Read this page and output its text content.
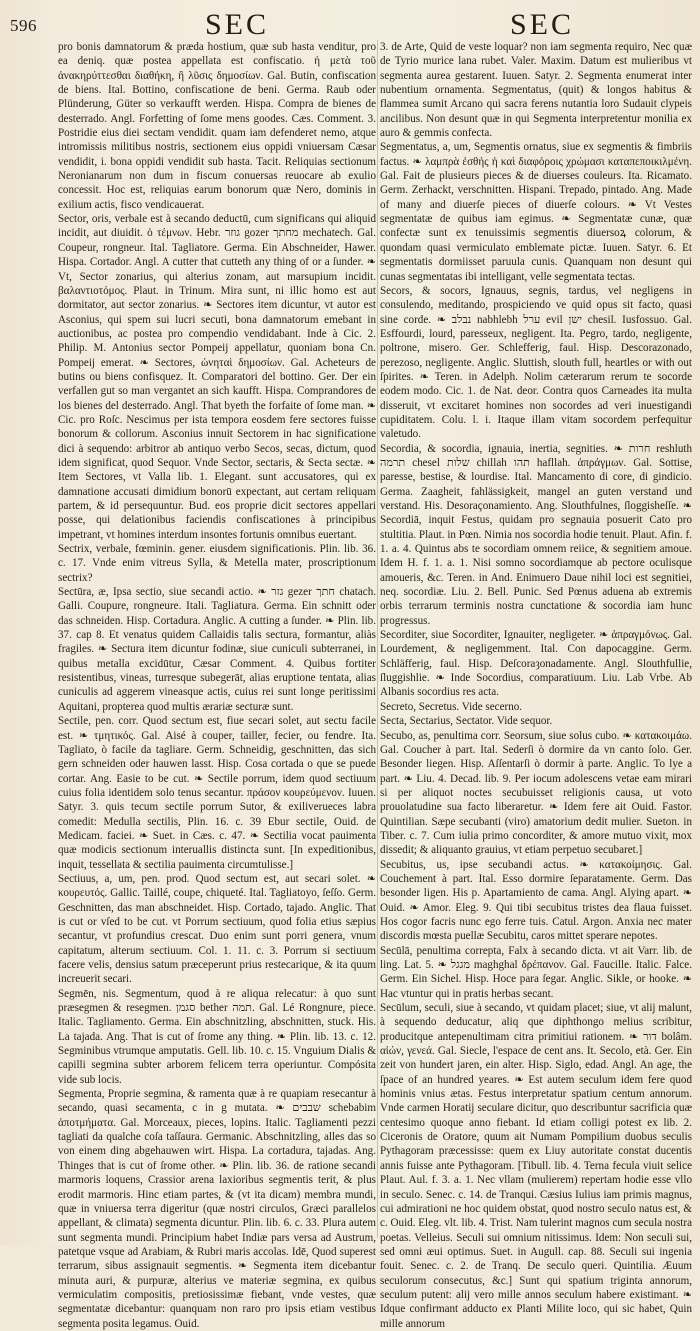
596	SEC	SEC

pro bonis damnatorum & præda hostium, quæ sub hasta venditur, pro ea deniq. quæ postea appellata est confiscatio. ἡ μετὰ τοῦ ἀνακηρύττεσθαι διαθήκη, ἢ λῦσις δημοσίων. Gal. Butin, confiscation de biens. Ital. Bottino, confiscatione de beni. Germa. Raub oder Plünderung, Güter so verkaufft werden. Hispa. Compra de bienes de desterrado. Angl. Forfetting of ſome mens goodes. Cæs. Comment. 3. Postridie eius diei sectam vendidit. quam iam defenderet nemo, atque intromissis militibus nostris, sectionem eius oppidi vniuersam Cæsar vendidit, i. bona oppidi vendidit sub hasta. Tacit. Reliquias sectionum Neronianarum non dum in fiscum conuersas reuocare ab exulio concessit. Hoc est, reliquias earum bonorum quæ Nero, dominis in exilium actis, fisco vendicauerat.

Sector, oris, verbale est à secando deductū, cum significans qui aliquid incidit, aut diuidit. ὁ τέμνων. Hebr. גוזר gozer מחתך mechatech. Gal. Coupeur, rongneur. Ital. Tagliatore. Germa. Ein Abschneider, Hawer. Hispa. Cortador. Angl. A cutter that cutteth any thing of or a ſunder. ❧ Vt, Sector zonarius, qui alterius zonam, aut marsupium incidit. βαλαντιοτόμος. Plaut. in Trinum. Mira sunt, ni illic homo est aut dormitator, aut sector zonarius. ❧ Sectores item dicuntur, vt autor est Asconius, qui spem sui lucri secuti, bona damnatorum emebant in auctionibus, ac postea pro compendio vendidabant. Inde à Cic. 2. Philip. M. Antonius sector Pompeij appellatur, quoniam bona Cn. Pompeij emerat. ❧ Sectores, ὠνηταὶ δημοσίων. Gal. Acheteurs de butins ou biens confisquez. It. Comparatori del bottino. Ger. Der ein verfallen gut so man vergantet an sich kaufft. Hispa. Comprandores de los bienes del desterrado. Angl. That byeth the forfaite of ſome man. ❧ Cic. pro Roſc. Nescimus per ista tempora eosdem fere sectores fuisse bonorum & collorum. Asconius innuit Sectorem in hac significatione dici à sequendo: arbitror ab antiquo verbo Secos, secas, dictum, quod idem significat, quod Sequor. Vnde Sector, sectaris, & Secta sectæ. ❧ Item Sectores, vt Valla lib. 1. Elegant. sunt accusatores, qui ex damnatione accusati dimidium bonorū expectant, aut certam reliquam partem, & id persequuntur. Bud. eos proprie dicit sectores appellari posse, qui delationibus faciendis confiscationes à principibus impetrant, vt homines interdum insontes fortunis omnibus euertant.

Sectrix, verbale, fœminin. gener. eiusdem significationis. Plin. lib. 36. c. 17. Vnde enim vitreus Sylla, & Metella mater, proscriptionum sectrix?

Sectūra, æ, Ipsa sectio, siue secandi actio. ❧ גזר gezer חתך chatach. Galli. Coupure, rongneure. Itali. Tagliatura. Germa. Ein schnitt oder das schneiden. Hisp. Cortadura. Anglic. A cutting a ſunder. ❧ Plin. lib. 37. cap 8. Et venatus quidem Callaidis talis sectura, formantur, aliàs fragiles. ❧ Sectura item dicuntur fodinæ, siue cuniculi subterranei, in quibus metalla excidūtur, Cæsar Comment. 4. Quibus fortiter resistentibus, vineas, turresque subegerāt, alias eruptione tentata, alias cuniculis ad aggerem vineasque actis, cuius rei sunt longe peritissimi Aquitani, propterea quod multis ærariæ secturæ sunt.

Sectile, pen. corr. Quod sectum est, fiue secari solet, aut sectu facile est. ❧ τμητικός. Gal. Aisé à couper, tailler, fecier, ou fendre. Ita. Tagliato, ò facile da tagliare. Germ. Schneidig, geschnitten, das sich gern schneiden oder hauwen lasst. Hisp. Cosa cortada o que se puede cortar. Ang. Easie to be cut. ❧ Sectile porrum, idem quod sectiuum cuius folia identidem solo tenus secantur. πράσον κουρεύμενον. Iuuen. Satyr. 3. quis tecum sectile porrum Sutor, & exiliverueces labra comedit: Medulla sectilis, Plin. 16. c. 39 Ebur sectile, Ouid. de Medicam. faciei. ❧ Suet. in Cæs. c. 47. ❧ Sectilia vocat pauimenta quæ modicis sectionum interuallis distincta sunt. [In expeditionibus, inquit, tessellata & sectilia pauimenta circumtulisse.]

Sectiuus, a, um, pen. prod. Quod sectum est, aut secari solet. ❧ κουρευτός. Gallic. Taillé, coupe, chiqueté. Ital. Tagliatoyo, ſeſſo. Germ. Geschnitten, das man abschneidet. Hisp. Cortado, tajado. Anglic. That is cut or vſed to be cut. vt Porrum sectiuum, quod folia etius sæpius secantur, vt profundius crescat. Duo enim sunt porri genera, vnum capitatum, alterum sectiuum. Col. 1. 11. c. 3. Porrum si sectiuum facere velis, densius satum præceperunt prius restecarique, & ita quum increuerit secari.

Segmēn, nis. Segmentum, quod à re aliqua relecatur: à quo sunt præsegmen & resegmen. סגמן bether תמה. Gal. Lé Rongnure, piece. Italic. Tagliamento. Germa. Ein abschnitzling, abschnitten, stuck. His. La tajada. Ang. That is cut of ſrome any thing. ❧ Plin. lib. 13. c. 12. Segminibus vtrumque amputatis. Gell. lib. 10. c. 15. Vnguium Dialis & capilli segmina subter arborem felicem terra operiuntur. Compósita vide sub locis.

Segmenta, Proprie segmina, & ramenta quæ à re quapiam resecantur à secando, quasi secamenta, c in g mutata. ❧ שבבים schebabim ἀποτμήματα. Gal. Morceaux, pieces, lopins. Italic. Tagliamenti pezzi tagliati da qualche coſa taſſaura. Germanic. Abschnitzling, alles das so von einem ding abgehauwen wirt. Hispa. La cortadura, tajadas. Ang. Thinges that is cut of ſrome other. ❧ Plin. lib. 36. de ratione secandi marmoris loquens, Crassior arena laxioribus segmentis terit, & plus erodit marmoris. Hinc etiam partes, & (vt ita dicam) membra mundi, quæ in vniuersa terra digeritur (quæ nostri circulos, Græci parallelos appellant, & climata) segmenta dicuntur. Plin. lib. 6. c. 33. Plura autem sunt segmenta mundi. Principium habet Indiæ pars versa ad Austrum, patetque vsque ad Arabiam, & Rubri maris accolas. Idē, Quod superest terrarum, sibus assignauit segmentis. ❧ Segmenta item dicebantur minuta auri, & purpuræ, alterius ve materiæ segmina, ex quibus vermiculatim compositis, pretiosissimæ fiebant, vnde vestes, quæ segmentatæ dicebantur: quanquam non raro pro ipsis etiam vestibus segmenta posita legamus. Ouid.

3. de Arte, Quid de veste loquar? non iam segmenta requiro, Nec quæ de Tyrio murice lana rubet. Valer. Maxim. Datum est mulieribus vt segmenta aurea gestarent. Iuuen. Satyr. 2. Segmenta enumerat inter nubentium ornamenta. Segmentatus, (quit) & longos habitus & flammea sumit Arcano qui sacra ferens nutantia loro Sudauit clypeis ancilibus. Non desunt quæ in qui Segmenta interpretentur monilia ex auro & gemmis confecta.

Segmentatus, a, um, Segmentis ornatus, siue ex segmentis & fimbriis factus. ❧ λαμπρὰ ἐσθής ἡ καὶ διαφόροις χρώμασι καταπεποικιλμένη. Gal. Fait de plusieurs pieces & de diuerses couleurs. Ita. Ricamato. Germ. Zerhackt, verschnitten. Hispani. Trepado, pintado. Ang. Made of many and diuerſe pieces of diuerſe colours. ❧ Vt Vestes segmentatæ de quibus iam egimus. ❧ Segmentatæ cunæ, quæ confectæ sunt ex tenuissimis segmentis diuersoꝝ colorum, & quondam quasi vermiculato emblemate pictæ. Iuuen. Satyr. 6. Et segmentatis dormiisset paruula cunis. Quanquam non desunt qui cunas segmentatas ibi intelligant, velle segmentata tectas.

Secors, & socors, Ignauus, segnis, tardus, vel negligens in consulendo, meditando, prospiciendo ve quid opus sit facto, quasi sine corde. ❧ נבלב nabhlebh ערל evil ישן chesil. Iusfossuo. Gal. Esffourdi, lourd, paresseux, negligent. Ita. Pegro, tardo, negligente, poltrone, misero. Ger. Schlefferig, faul. Hisp. Descorazonado, perezoso, negligente. Anglic. Sluttish, slouth full, heartles or with out ſpirites. ❧ Teren. in Adelph. Nolim cæterarum rerum te socorde eodem modo. Cic. 1. de Nat. deor. Contra quos Carneades ita multa disseruit, vt excitaret homines non socordes ad veri inuestigandi cupiditatem. Colu. l. i. Itaque illam vitam socordem perfequitur valetudo.

Secordia, & socordia, ignauia, inertia, segnities. ❧ חרות reshluth תרמה chesel שלות chillah תהו hafllah. ἀπράγμων. Gal. Sottise, paresse, bestise, & lourdise. Ital. Mancamento di core, di gindicio. Germa. Zaagheit, fahlässigkeit, mangel an guten verstand und verstand. His. Desoraçonamiento. Ang. Slouthfulnes, ſloggisheſſe. ❧ Secordiā, inquit Festus, quidam pro segnauia posuerit Cato pro stultitia. Plaut. in Pœn. Nimia nos socordia hodie tenuit. Plaut. Afin. f. 1. a. 4. Quintus abs te socordiam omnem reiice, & segnitiem amoue. Idem H. f. 1. a. 1. Nisi somno socordiamque ab pectore oculisque amoueris, &c. Teren. in And. Enimuero Daue nihil loci est segnitiei, neq. socordiæ. Liu. 2. Bell. Punic. Sed Pœnus aduena ab extremis orbis terrarum terminis nostra cunctatione & socordia iam hunc progressus.

Secorditer, siue Socorditer, Ignauiter, negligeter. ❧ ἀπραγμόνως. Gal. Lourdement, & negligemment. Ital. Con dapocaggine. Germ. Schläfferig, faul. Hisp. Deſcoraȝonadamente. Angl. Slouthfullie, ſluggishlie. ❧ Inde Socordius, comparatiuum. Liu. Lab Vrbe. Ab Albanis socordius res acta.

Secreto, Secretus. Vide secerno.

Secta, Sectarius, Sectator. Vide sequor.

Secubo, as, penultima corr. Seorsum, siue solus cubo. ❧ κατακοιμάω. Gal. Coucher à part. Ital. Sederſi ò dormire da vn canto ſolo. Ger. Besonder liegen. Hisp. Aſſentarſi ò dormir à parte. Anglic. To lye a part. ❧ Liu. 4. Decad. lib. 9. Per iocum adolescens vetae eam mirari si per aliquot noctes secubuisset religionis causa, ut voto prouolatudine sua facto liberaretur. ❧ Idem fere ait Ouid. Fastor. Quintilian. Sæpe secubanti (viro) amatorium dedit mulier. Sueton. in Tiber. c. 7. Cum iulia primo concorditer, & amore mutuo vixit, mox dissedit; & aliquanto grauius, vt etiam perpetuo secubaret.]

Secubitus, us, ipse secubandi actus. ❧ κατακοίμησις. Gal. Couchement à part. Ital. Esso dormire ſeparatamente. Germ. Das besonder ligen. His p. Apartamiento de cama. Angl. Alying apart. ❧ Ouid. ❧ Amor. Eleg. 9. Qui tibi secubitus tristes dea flaua fuisset. Hos cogor facris nunc ego ferre tuis. Catul. Argon. Anxia nec mater discordis mœsta puellæ Secubitu, caros mittet sperare nepotes.

Secūlā, penultima correpta, Falx à secando dicta. vt ait Varr. lib. de ling. Lat. 5. ❧ מגגל maghghal δρέπανον. Gal. Faucille. Italic. Falce. Germ. Ein Sichel. Hisp. Hoce para ſegar. Anglic. Sikle, or hooke. ❧ Hac vtuntur qui in pratis herbas secant.

Secūlum, seculi, siue à secando, vt quidam placet; siue, vt alij malunt, à sequendo deducatur, aliq que diphthongo melius scribitur, producitque antepenultimam citra primitiui rationem. ❧ דור bolâm. αἰών, γενεά. Gal. Siecle, l'espace de cent ans. It. Secolo, età. Ger. Ein zeit von hundert jaren, ein alter. Hisp. Siglo, edad. Angl. An age, the ſpace of an hundred yeares. ❧ Est autem seculum idem fere quod hominis vnius ætas. Festus interpretatur spatium centum annorum. Vnde carmen Horatij seculare dicitur, quo describuntur sacrificia quæ centesimo quoque anno fiebant. Id etiam colligi potest ex lib. 2. Ciceronis de Oratore, quum ait Numam Pompilium duobus seculis Pythagoram præcessisse: quem ex Liuy autoritate constat ducentis annis fuisse ante Pythagoram. [Tibull. lib. 4. Terna fecula viuit selice Plaut. Aul. f. 3. a. 1. Nec vllam (mulierem) repertam hodie esse vllo in seculo. Senec. c. 14. de Tranqui. Cæsius Iulius iam primis magnus, cui admirationi ne hoc quidem obstat, quod nostro seculo natus est, & c. Ouid. Eleg. vlt. lib. 4. Trist. Nam tulerint magnos cum secula nostra poetas. Velleius. Seculi sui omnium nitissimus. Idem: Non seculi sui, sed omni æui optimus. Suet. in Augull. cap. 88. Seculi sui ingenia fouit. Senec. c. 2. de Tranq. De seculo queri. Quintilia. Æuum seculorum consecutus, &c.] Sunt qui spatium triginta annorum, seculum putent: alij vero mille annos seculum habere existimant. ❧ Idque confirmant adducto ex Planti Milite loco, qui sic habet, Quin mille annorum
